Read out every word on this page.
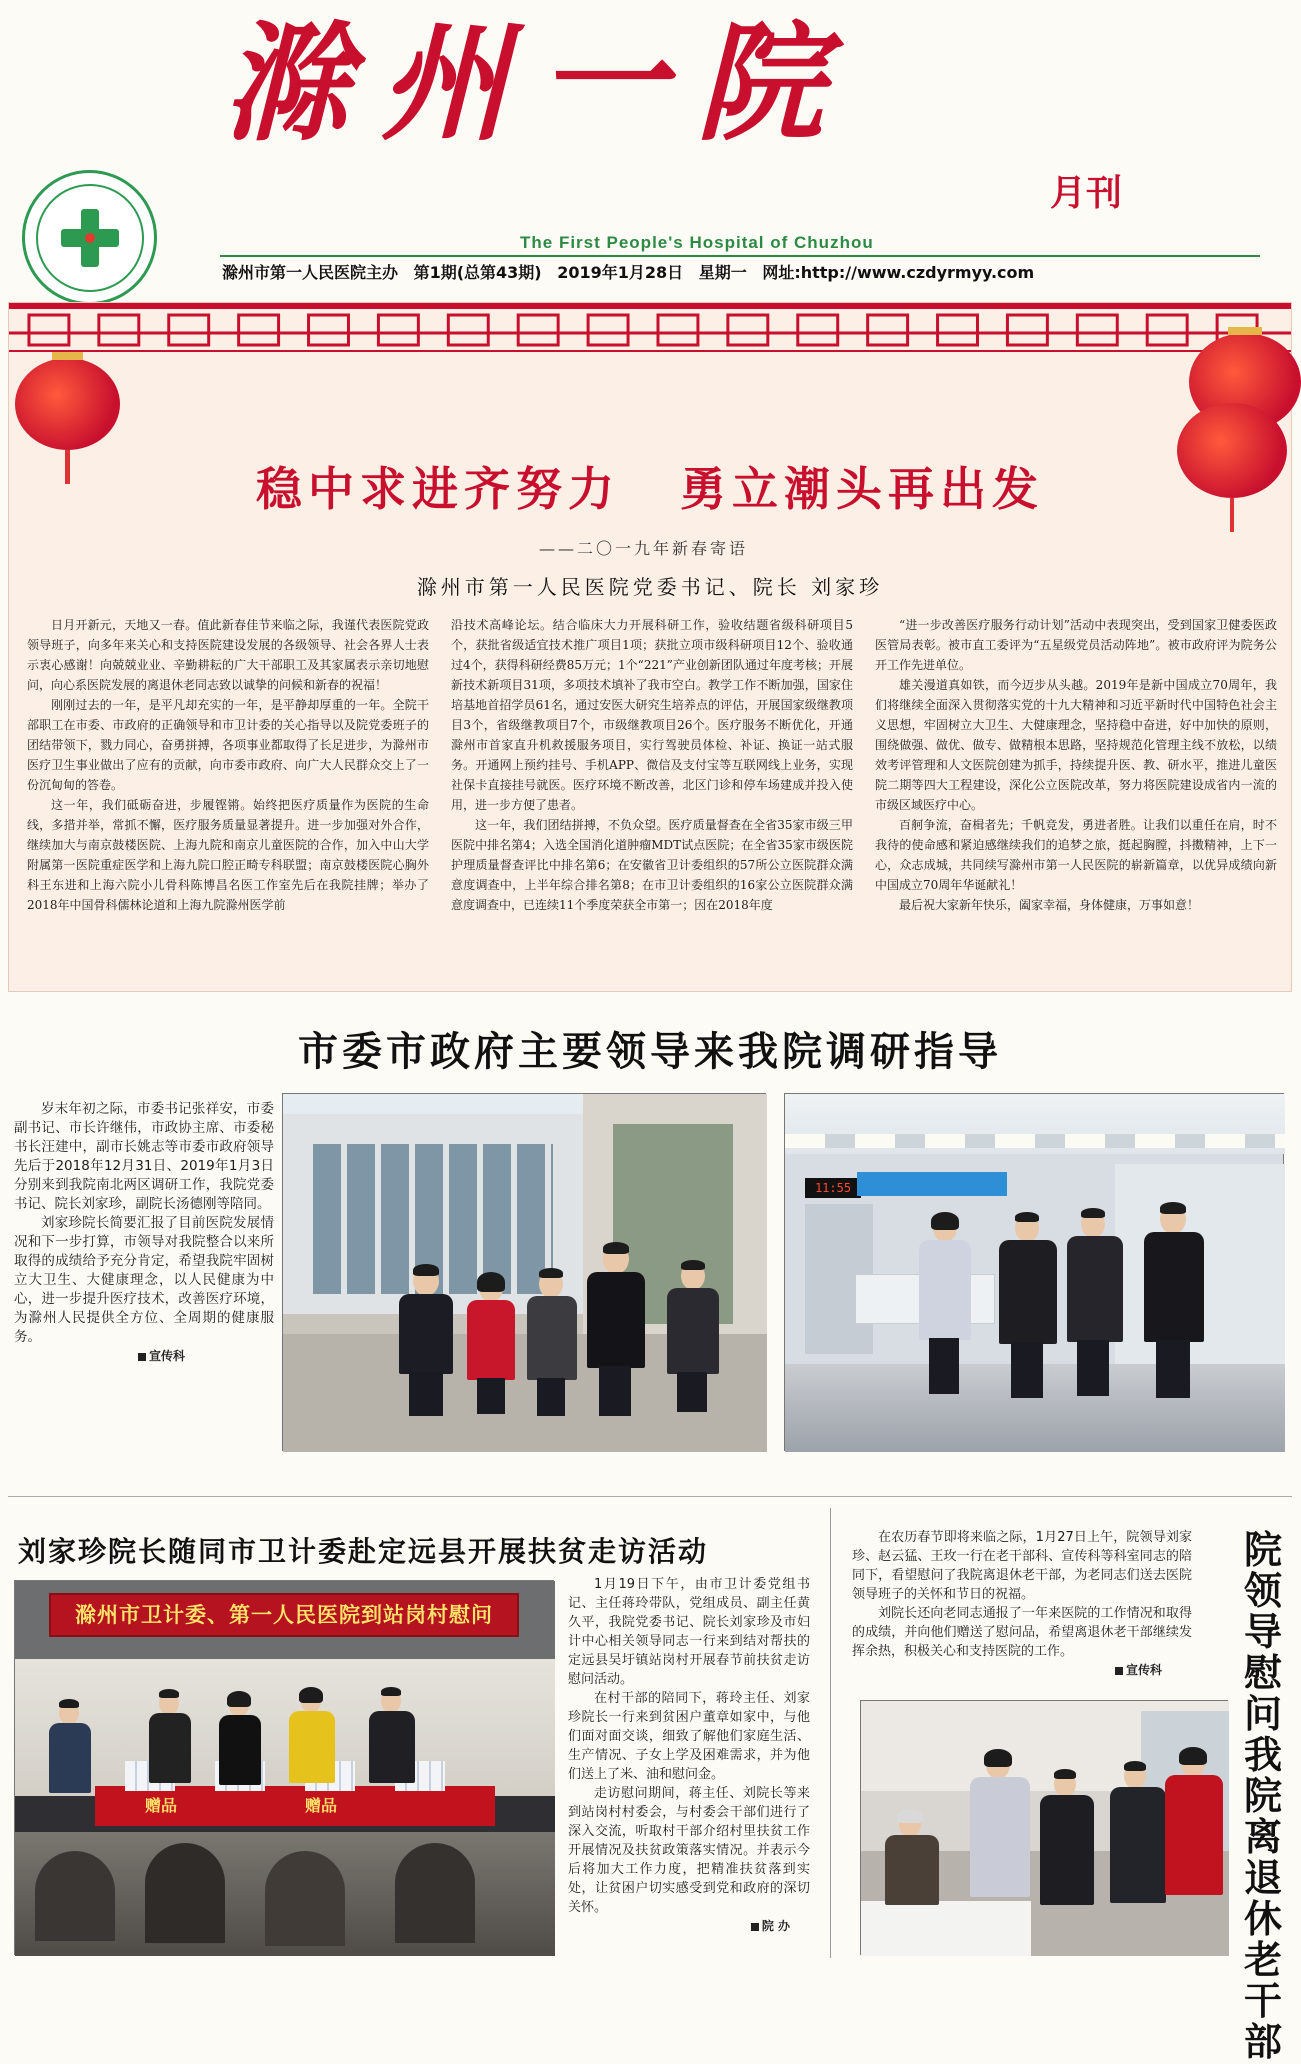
滁州一院
月刊
The First People's Hospital of Chuzhou
滁州市第一人民医院主办 第1期(总第43期) 2019年1月28日 星期一 网址:http://www.czdyrmyy.com
稳中求进齐努力 勇立潮头再出发
——二〇一九年新春寄语
滁州市第一人民医院党委书记、院长 刘家珍

日月开新元，天地又一春。值此新春佳节来临之际，我谨代表医院党政领导班子，向多年来关心和支持医院建设发展的各级领导、社会各界人士表示衷心感谢！向兢兢业业、辛勤耕耘的广大干部职工及其家属表示亲切地慰问，向心系医院发展的离退休老同志致以诚挚的问候和新春的祝福！

刚刚过去的一年，是平凡却充实的一年，是平静却厚重的一年。全院干部职工在市委、市政府的正确领导和市卫计委的关心指导以及院党委班子的团结带领下，戮力同心，奋勇拼搏，各项事业都取得了长足进步，为滁州市医疗卫生事业做出了应有的贡献，向市委市政府、向广大人民群众交上了一份沉甸甸的答卷。

这一年，我们砥砺奋进，步履铿锵。始终把医疗质量作为医院的生命线，多措并举，常抓不懈，医疗服务质量显著提升。进一步加强对外合作，继续加大与南京鼓楼医院、上海九院和南京儿童医院的合作，加入中山大学附属第一医院重症医学和上海九院口腔正畸专科联盟；南京鼓楼医院心胸外科王东进和上海六院小儿骨科陈博昌名医工作室先后在我院挂牌；举办了2018年中国骨科儒林论道和上海九院滁州医学前

沿技术高峰论坛。结合临床大力开展科研工作，验收结题省级科研项目5个，获批省级适宜技术推广项目1项；获批立项市级科研项目12个、验收通过4个，获得科研经费85万元；1个“221”产业创新团队通过年度考核；开展新技术新项目31项，多项技术填补了我市空白。教学工作不断加强，国家住培基地首招学员61名，通过安医大研究生培养点的评估，开展国家级继教项目3个，省级继教项目7个，市级继教项目26个。医疗服务不断优化，开通滁州市首家直升机救援服务项目，实行驾驶员体检、补证、换证一站式服务。开通网上预约挂号、手机APP、微信及支付宝等互联网线上业务，实现社保卡直接挂号就医。医疗环境不断改善，北区门诊和停车场建成并投入使用，进一步方便了患者。

这一年，我们团结拼搏，不负众望。医疗质量督查在全省35家市级三甲医院中排名第4；入选全国消化道肿瘤MDT试点医院；在全省35家市级医院护理质量督查评比中排名第6；在安徽省卫计委组织的57所公立医院群众满意度调查中，上半年综合排名第8；在市卫计委组织的16家公立医院群众满意度调查中，已连续11个季度荣获全市第一；因在2018年度

“进一步改善医疗服务行动计划”活动中表现突出，受到国家卫健委医政医管局表彰。被市直工委评为“五星级党员活动阵地”。被市政府评为院务公开工作先进单位。

雄关漫道真如铁，而今迈步从头越。2019年是新中国成立70周年，我们将继续全面深入贯彻落实党的十九大精神和习近平新时代中国特色社会主义思想，牢固树立大卫生、大健康理念，坚持稳中奋进，好中加快的原则，围绕做强、做优、做专、做精根本思路，坚持规范化管理主线不放松，以绩效考评管理和人文医院创建为抓手，持续提升医、教、研水平，推进儿童医院二期等四大工程建设，深化公立医院改革，努力将医院建设成省内一流的市级区域医疗中心。

百舸争流，奋楫者先；千帆竞发，勇进者胜。让我们以重任在肩，时不我待的使命感和紧迫感继续我们的追梦之旅，挺起胸膛，抖擞精神，上下一心，众志成城，共同续写滁州市第一人民医院的崭新篇章，以优异成绩向新中国成立70周年华诞献礼！

最后祝大家新年快乐，阖家幸福，身体健康，万事如意！

市委市政府主要领导来我院调研指导

岁末年初之际，市委书记张祥安，市委副书记、市长许继伟，市政协主席、市委秘书长汪建中，副市长姚志等市委市政府领导先后于2018年12月31日、2019年1月3日分别来到我院南北两区调研工作，我院党委书记、院长刘家珍，副院长汤德刚等陪同。

刘家珍院长简要汇报了目前医院发展情况和下一步打算，市领导对我院整合以来所取得的成绩给予充分肯定，希望我院牢固树立大卫生、大健康理念，以人民健康为中心，进一步提升医疗技术，改善医疗环境，为滁州人民提供全方位、全周期的健康服务。

宣传科
11:55
刘家珍院长随同市卫计委赴定远县开展扶贫走访活动
滁州市卫计委、第一人民医院到站岗村慰问
赠品	赠品

1月19日下午，由市卫计委党组书记、主任蒋玲带队，党组成员、副主任黄久平，我院党委书记、院长刘家珍及市妇计中心相关领导同志一行来到结对帮扶的定远县吴圩镇站岗村开展春节前扶贫走访慰问活动。

在村干部的陪同下，蒋玲主任、刘家珍院长一行来到贫困户董章如家中，与他们面对面交谈，细致了解他们家庭生活、生产情况、子女上学及困难需求，并为他们送上了米、油和慰问金。

走访慰问期间，蒋主任、刘院长等来到站岗村村委会，与村委会干部们进行了深入交流，听取村干部介绍村里扶贫工作开展情况及扶贫政策落实情况。并表示今后将加大工作力度，把精准扶贫落到实处，让贫困户切实感受到党和政府的深切关怀。

院 办

在农历春节即将来临之际，1月27日上午，院领导刘家珍、赵云猛、王玫一行在老干部科、宣传科等科室同志的陪同下，看望慰问了我院离退休老干部，为老同志们送去医院领导班子的关怀和节日的祝福。

刘院长还向老同志通报了一年来医院的工作情况和取得的成绩，并向他们赠送了慰问品，希望离退休老干部继续发挥余热，积极关心和支持医院的工作。

宣传科
院领导慰问我院离退休老干部
